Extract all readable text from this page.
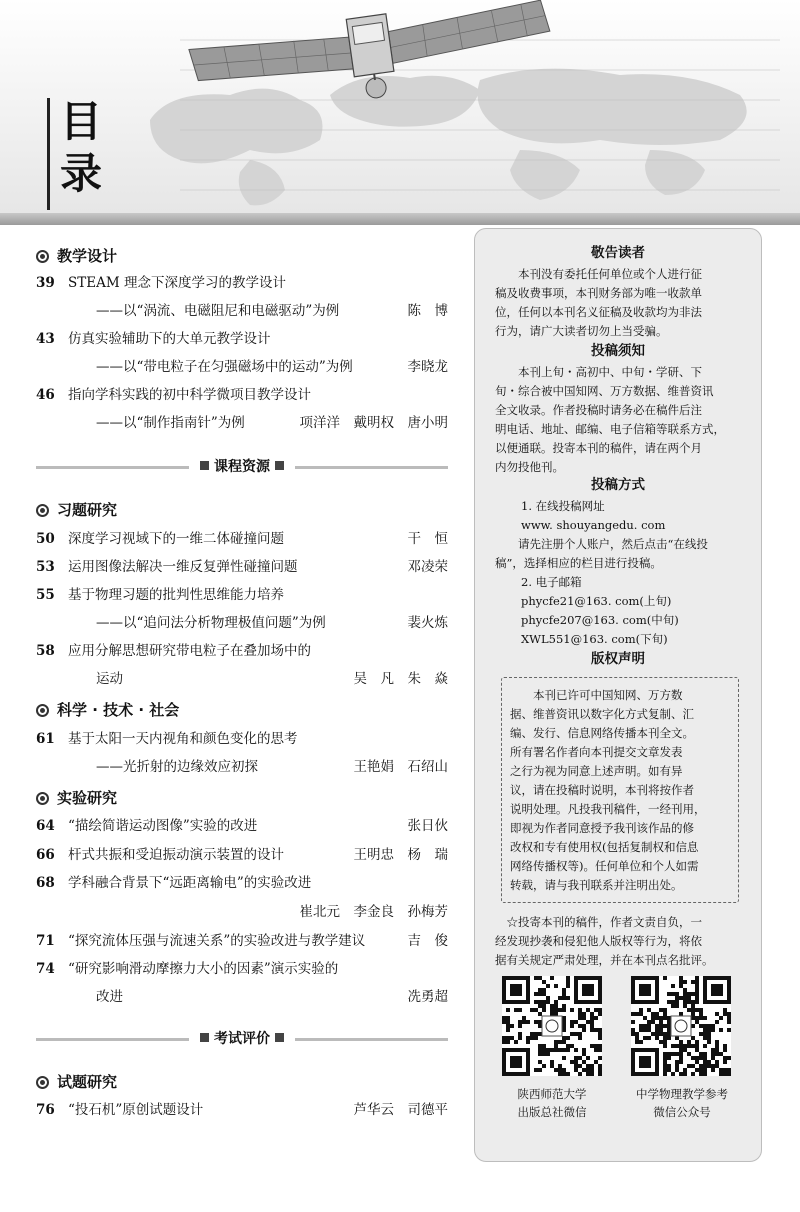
目
录
教学设计
39 STEAM 理念下深度学习的教学设计
——以“涡流、电磁阻尼和电磁驱动”为例	陈　博
43 仿真实验辅助下的大单元教学设计
——以“带电粒子在匀强磁场中的运动”为例	李晓龙
46 指向学科实践的初中科学微项目教学设计
——以“制作指南针”为例	项洋洋　戴明权　唐小明
课程资源
习题研究
50 深度学习视域下的一维二体碰撞问题	干　恒
53 运用图像法解决一维反复弹性碰撞问题	邓凌荣
55 基于物理习题的批判性思维能力培养
——以“追问法分析物理极值问题”为例	裴火炼
58 应用分解思想研究带电粒子在叠加场中的
运动	吴　凡　朱　焱
科学 · 技术 · 社会
61 基于太阳一天内视角和颜色变化的思考
——光折射的边缘效应初探	王艳娟　石绍山
实验研究
64 “描绘简谐运动图像”实验的改进	张日伙
66 杆式共振和受迫振动演示装置的设计	王明忠　杨　瑞
68 学科融合背景下“远距离输电”的实验改进
崔北元　李金良　孙梅芳
71 “探究流体压强与流速关系”的实验改进与教学建议	吉　俊
74 “研究影响滑动摩擦力大小的因素”演示实验的
改进	冼勇超
考试评价
试题研究
76 “投石机”原创试题设计	芦华云　司德平
敬告读者
本刊没有委托任何单位或个人进行征
稿及收费事项，本刊财务部为唯一收款单
位，任何以本刊名义征稿及收款均为非法
行为，请广大读者切勿上当受骗。
投稿须知
本刊上旬・高初中、中旬・学研、下
旬・综合被中国知网、万方数据、维普资讯
全文收录。作者投稿时请务必在稿件后注
明电话、地址、邮编、电子信箱等联系方式，
以便通联。投寄本刊的稿件，请在两个月
内勿投他刊。
投稿方式
1. 在线投稿网址
www. shouyangedu. com
请先注册个人账户，然后点击“在线投
稿”，选择相应的栏目进行投稿。
2. 电子邮箱
phycfe21@163. com(上旬)
phycfe207@163. com(中旬)
XWL551@163. com(下旬)
版权声明
本刊已许可中国知网、万方数
据、维普资讯以数字化方式复制、汇
编、发行、信息网络传播本刊全文。
所有署名作者向本刊提交文章发表
之行为视为同意上述声明。如有异
议，请在投稿时说明，本刊将按作者
说明处理。凡投我刊稿件，一经刊用，
即视为作者同意授予我刊该作品的修
改权和专有使用权(包括复制权和信息
网络传播权等)。任何单位和个人如需
转载，请与我刊联系并注明出处。
☆投寄本刊的稿件，作者文责自负，一
经发现抄袭和侵犯他人版权等行为，将依
据有关规定严肃处理，并在本刊点名批评。
陕西师范大学
出版总社微信
中学物理教学参考
微信公众号
